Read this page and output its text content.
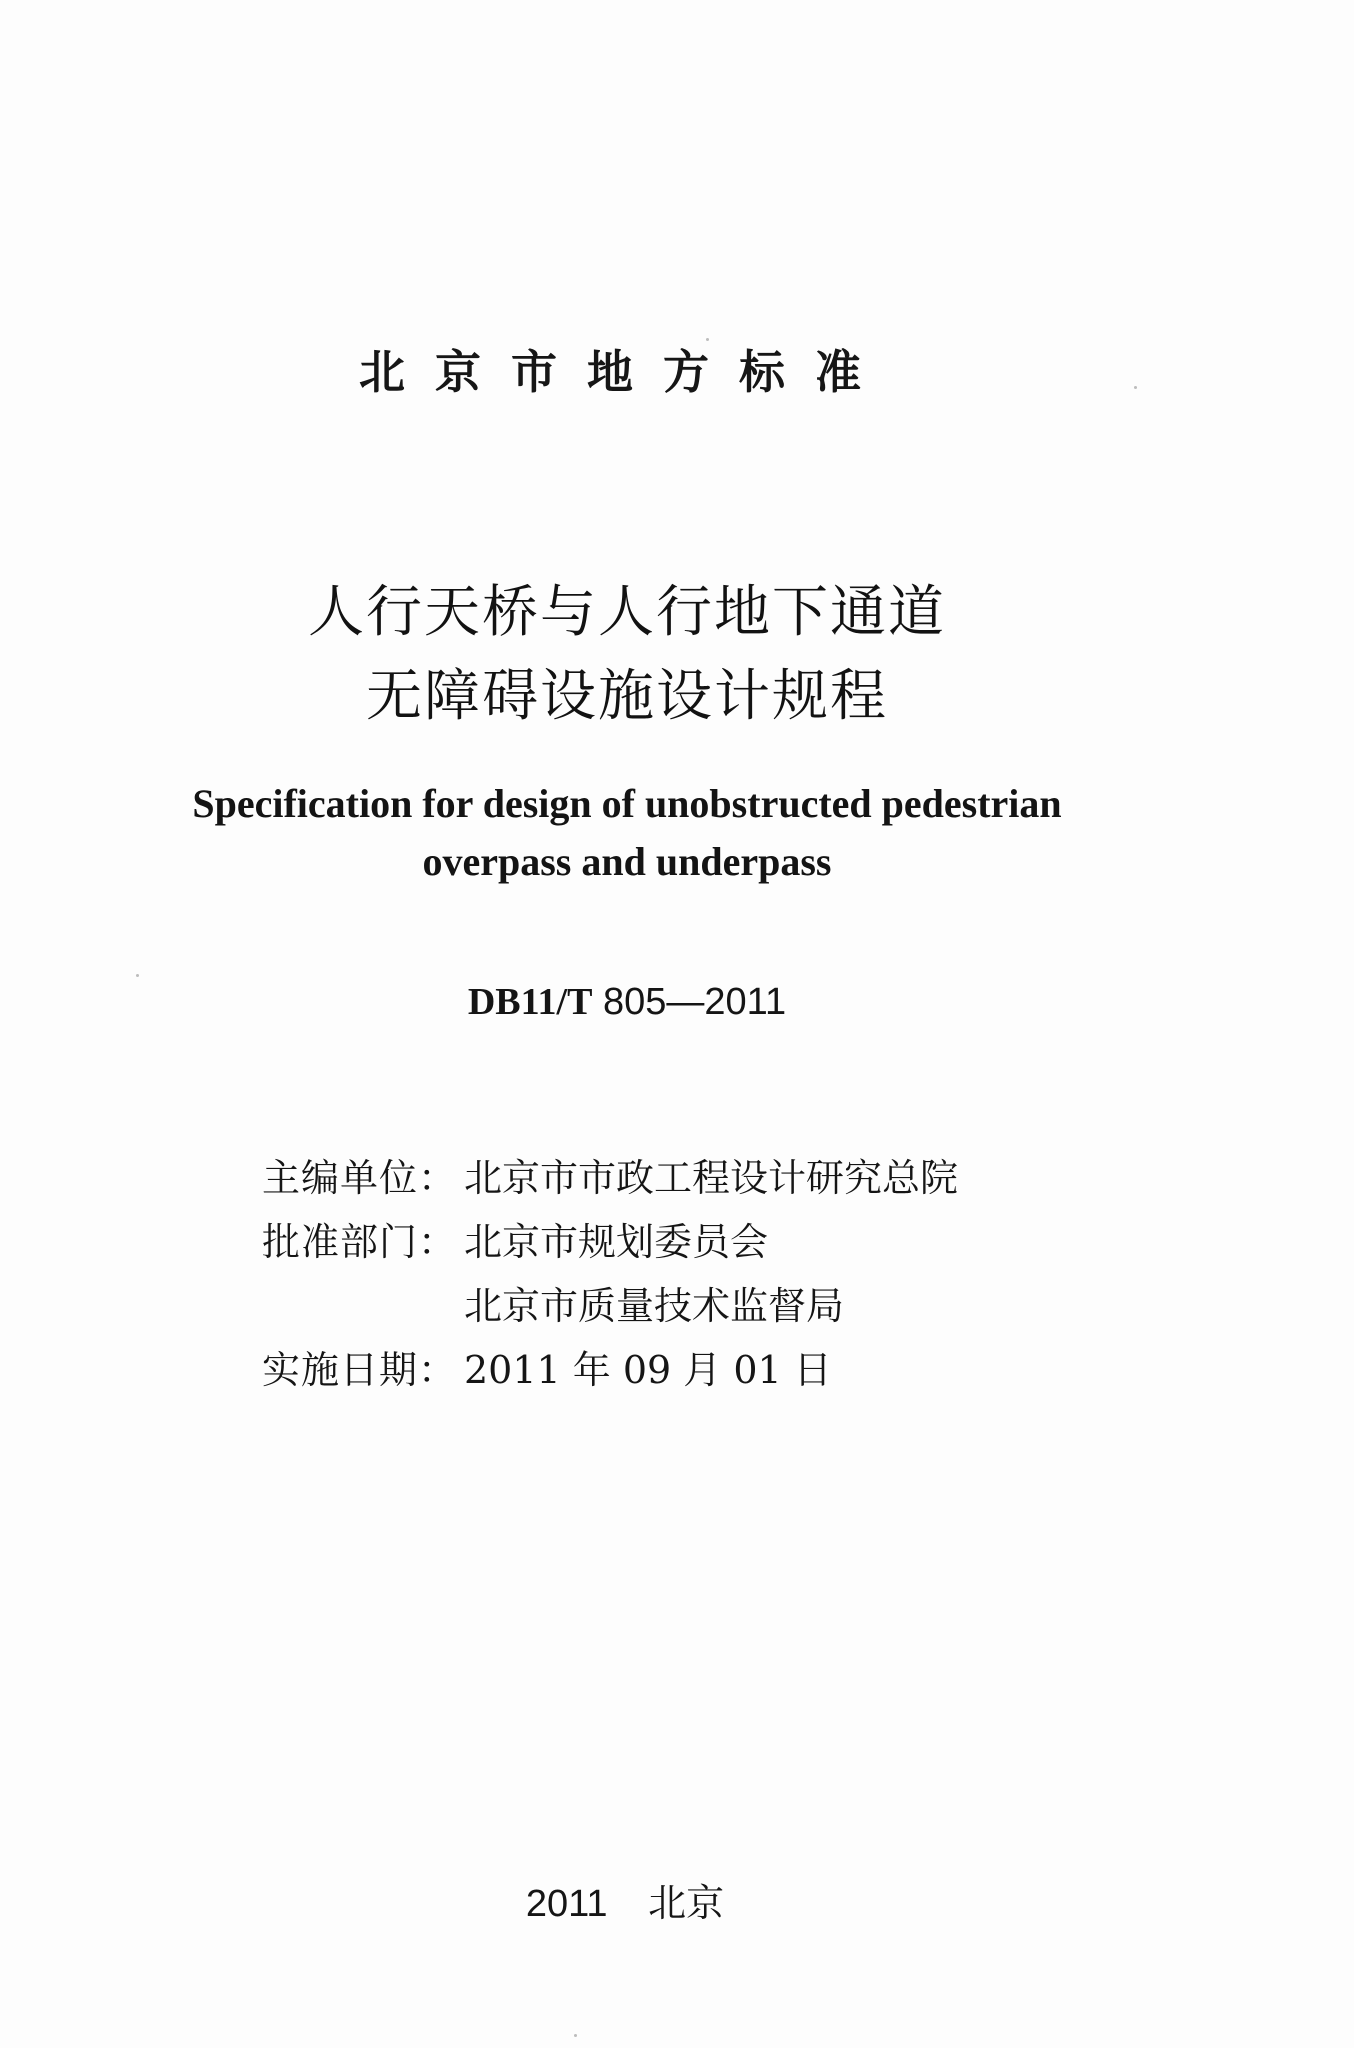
北京市地方标准
人行天桥与人行地下通道
无障碍设施设计规程
Specification for design of unobstructed pedestrian
overpass and underpass
DB11/T 805—2011
主编单位： 北京市市政工程设计研究总院
批准部门： 北京市规划委员会
北京市质量技术监督局
实施日期： 2011 年 09 月 01 日
2011 北京
